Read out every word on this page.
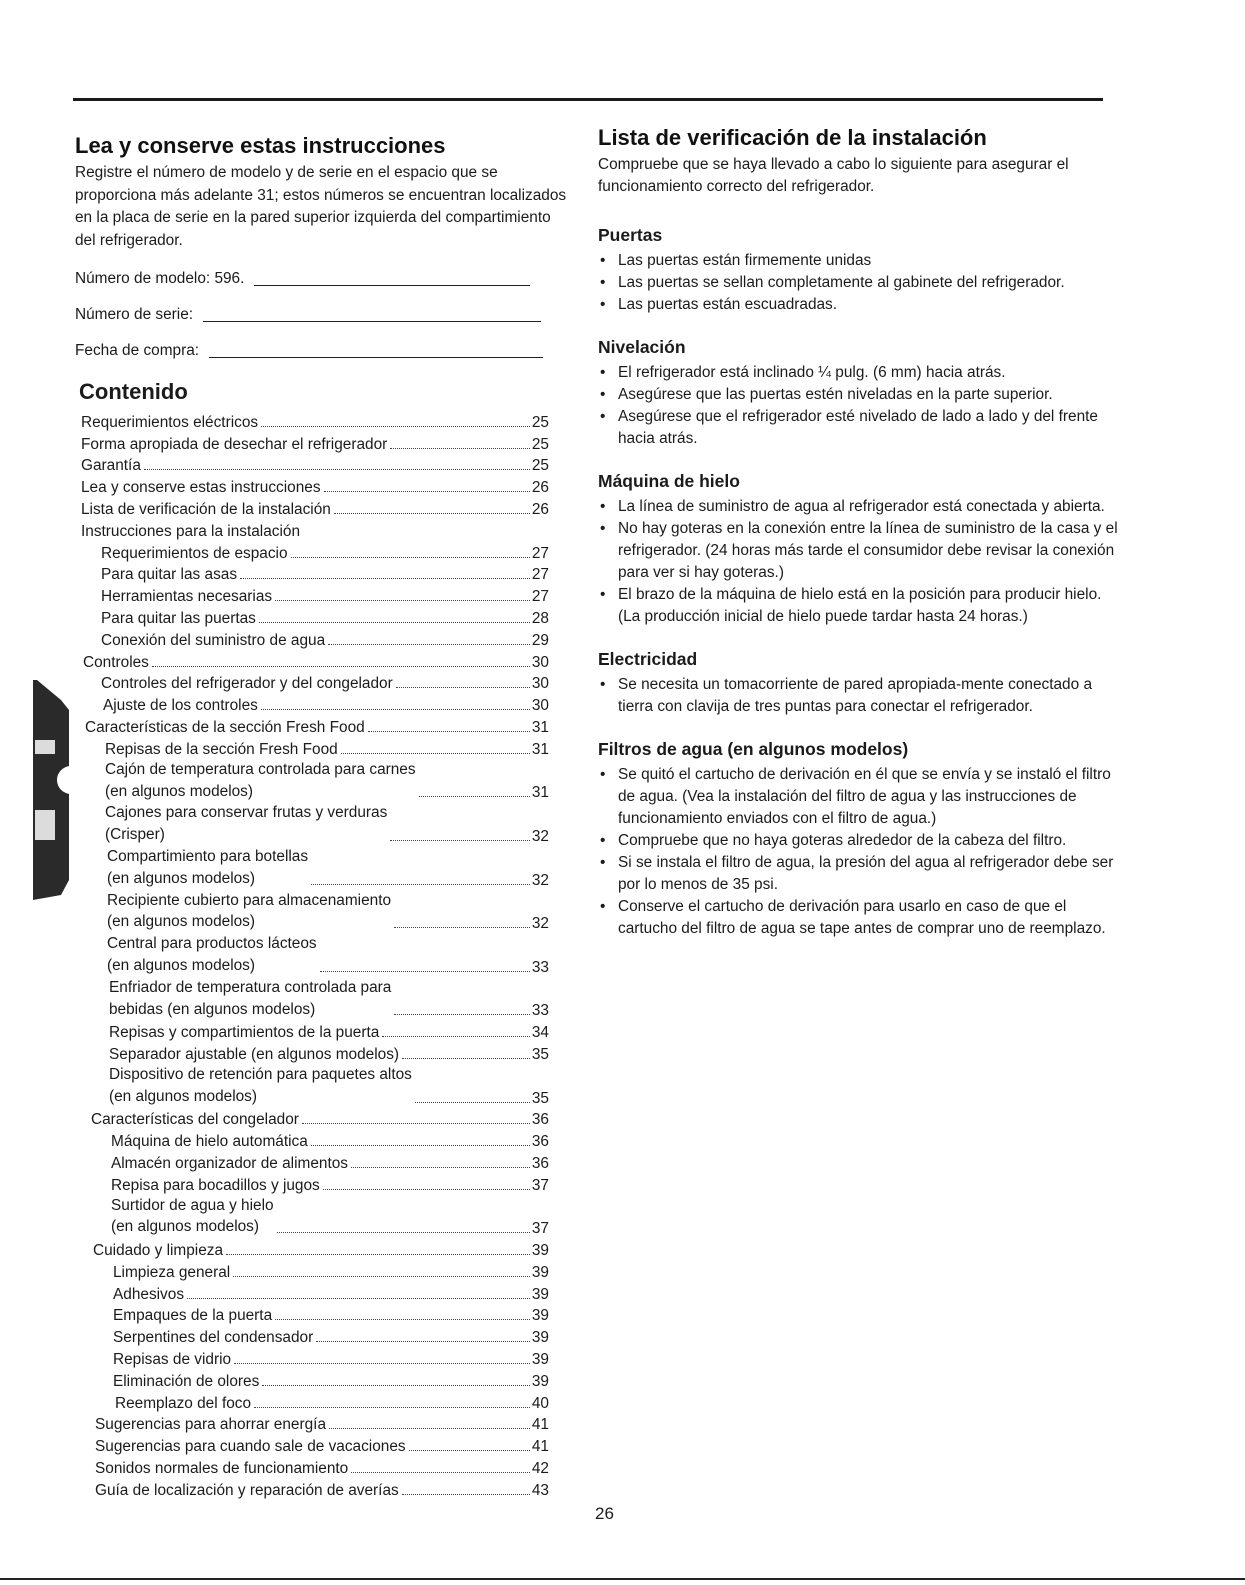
Lea y conserve estas instrucciones

Registre el número de modelo y de serie en el espacio que se proporciona más adelante 31; estos números se encuentran localizados en la placa de serie en la pared superior izquierda del compartimiento del refrigerador.

Número de modelo: 596.
Número de serie:
Fecha de compra:
Contenido
Requerimientos eléctricos	25
Forma apropiada de desechar el refrigerador	25
Garantía	25
Lea y conserve estas instrucciones	26
Lista de verificación de la instalación	26
Instrucciones para la instalación
Requerimientos de espacio	27
Para quitar las asas	27
Herramientas necesarias	27
Para quitar las puertas	28
Conexión del suministro de agua	29
Controles	30
Controles del refrigerador y del congelador	30
Ajuste de los controles	30
Características de la sección Fresh Food	31
Repisas de la sección Fresh Food	31
Cajón de temperatura controlada para carnes
(en algunos modelos)	31
Cajones para conservar frutas y verduras
(Crisper)	32
Compartimiento para botellas
(en algunos modelos)	32
Recipiente cubierto para almacenamiento
(en algunos modelos)	32
Central para productos lácteos
(en algunos modelos)	33
Enfriador de temperatura controlada para
bebidas (en algunos modelos)	33
Repisas y compartimientos de la puerta	34
Separador ajustable (en algunos modelos)	35
Dispositivo de retención para paquetes altos
(en algunos modelos)	35
Características del congelador	36
Máquina de hielo automática	36
Almacén organizador de alimentos	36
Repisa para bocadillos y jugos	37
Surtidor de agua y hielo
(en algunos modelos)	37
Cuidado y limpieza	39
Limpieza general	39
Adhesivos	39
Empaques de la puerta	39
Serpentines del condensador	39
Repisas de vidrio	39
Eliminación de olores	39
Reemplazo del foco	40
Sugerencias para ahorrar energía	41
Sugerencias para cuando sale de vacaciones	41
Sonidos normales de funcionamiento	42
Guía de localización y reparación de averías	43
Lista de verificación de la instalación

Compruebe que se haya llevado a cabo lo siguiente para asegurar el funcionamiento correcto del refrigerador.

Puertas
• Las puertas están firmemente unidas
• Las puertas se sellan completamente al gabinete del refrigerador.
• Las puertas están escuadradas.
Nivelación
• El refrigerador está inclinado ¼ pulg. (6 mm) hacia atrás.
• Asegúrese que las puertas estén niveladas en la parte superior.
• Asegúrese que el refrigerador esté nivelado de lado a lado y del frente hacia atrás.
Máquina de hielo
• La línea de suministro de agua al refrigerador está conectada y abierta.
• No hay goteras en la conexión entre la línea de suministro de la casa y el refrigerador. (24 horas más tarde el consumidor debe revisar la conexión para ver si hay goteras.)
• El brazo de la máquina de hielo está en la posición para producir hielo. (La producción inicial de hielo puede tardar hasta 24 horas.)
Electricidad
• Se necesita un tomacorriente de pared apropiada-mente conectado a tierra con clavija de tres puntas para conectar el refrigerador.
Filtros de agua (en algunos modelos)
• Se quitó el cartucho de derivación en él que se envía y se instaló el filtro de agua. (Vea la instalación del filtro de agua y las instrucciones de funcionamiento enviados con el filtro de agua.)
• Compruebe que no haya goteras alrededor de la cabeza del filtro.
• Si se instala el filtro de agua, la presión del agua al refrigerador debe ser por lo menos de 35 psi.
• Conserve el cartucho de derivación para usarlo en caso de que el cartucho del filtro de agua se tape antes de comprar uno de reemplazo.
26
